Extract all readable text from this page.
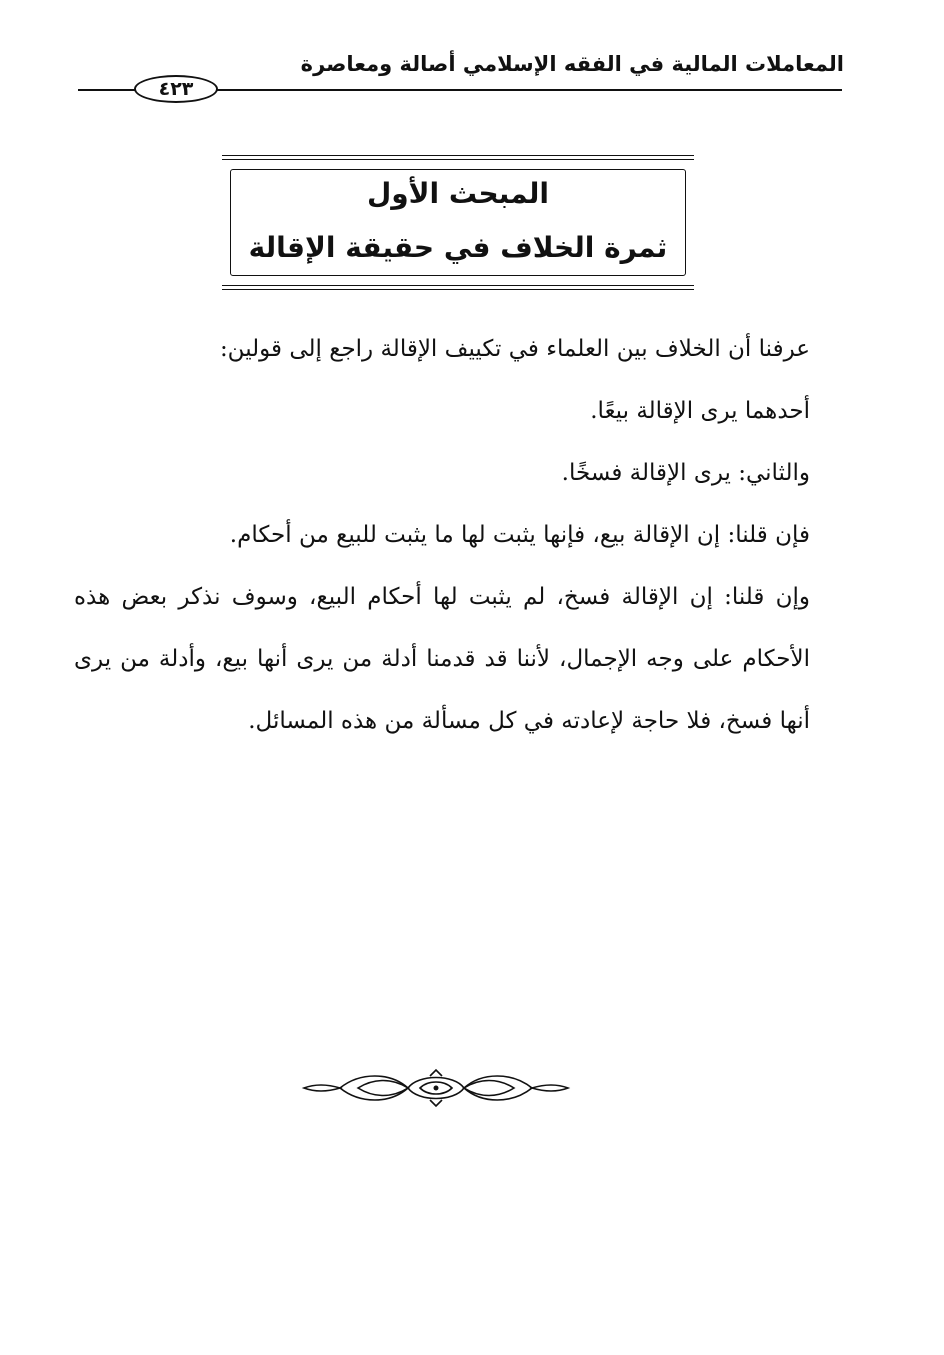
المعاملات المالية في الفقه الإسلامي أصالة ومعاصرة
٤٢٣
المبحث الأول
ثمرة الخلاف في حقيقة الإقالة

عرفنا أن الخلاف بين العلماء في تكييف الإقالة راجع إلى قولين:

أحدهما يرى الإقالة بيعًا.

والثاني: يرى الإقالة فسخًا.

فإن قلنا: إن الإقالة بيع، فإنها يثبت لها ما يثبت للبيع من أحكام.

وإن قلنا: إن الإقالة فسخ، لم يثبت لها أحكام البيع، وسوف نذكر بعض هذه الأحكام على وجه الإجمال، لأننا قد قدمنا أدلة من يرى أنها بيع، وأدلة من يرى أنها فسخ، فلا حاجة لإعادته في كل مسألة من هذه المسائل.
